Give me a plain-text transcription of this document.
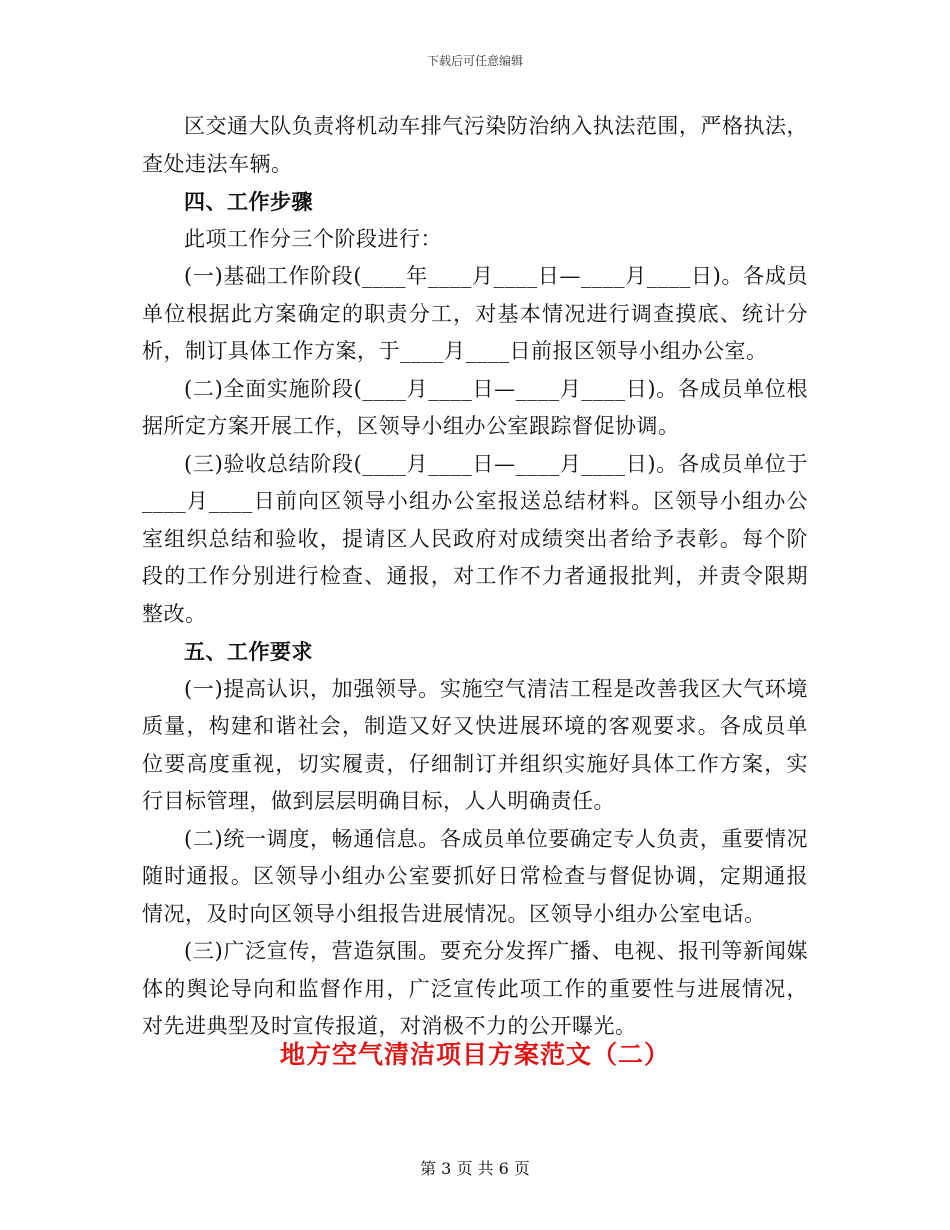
下载后可任意编辑

区交通大队负责将机动车排气污染防治纳入执法范围，严格执法，查处违法车辆。

四、工作步骤

此项工作分三个阶段进行：

(一)基础工作阶段(____年____月____日—____月____日)。各成员单位根据此方案确定的职责分工，对基本情况进行调查摸底、统计分析，制订具体工作方案，于____月____日前报区领导小组办公室。

(二)全面实施阶段(____月____日—____月____日)。各成员单位根据所定方案开展工作，区领导小组办公室跟踪督促协调。

(三)验收总结阶段(____月____日—____月____日)。各成员单位于____月____日前向区领导小组办公室报送总结材料。区领导小组办公室组织总结和验收，提请区人民政府对成绩突出者给予表彰。每个阶段的工作分别进行检查、通报，对工作不力者通报批判，并责令限期整改。

五、工作要求

(一)提高认识，加强领导。实施空气清洁工程是改善我区大气环境质量，构建和谐社会，制造又好又快进展环境的客观要求。各成员单位要高度重视，切实履责，仔细制订并组织实施好具体工作方案，实行目标管理，做到层层明确目标，人人明确责任。

(二)统一调度，畅通信息。各成员单位要确定专人负责，重要情况随时通报。区领导小组办公室要抓好日常检查与督促协调，定期通报情况，及时向区领导小组报告进展情况。区领导小组办公室电话。

(三)广泛宣传，营造氛围。要充分发挥广播、电视、报刊等新闻媒体的舆论导向和监督作用，广泛宣传此项工作的重要性与进展情况，对先进典型及时宣传报道，对消极不力的公开曝光。

地方空气清洁项目方案范文（二）
第 3 页 共 6 页
